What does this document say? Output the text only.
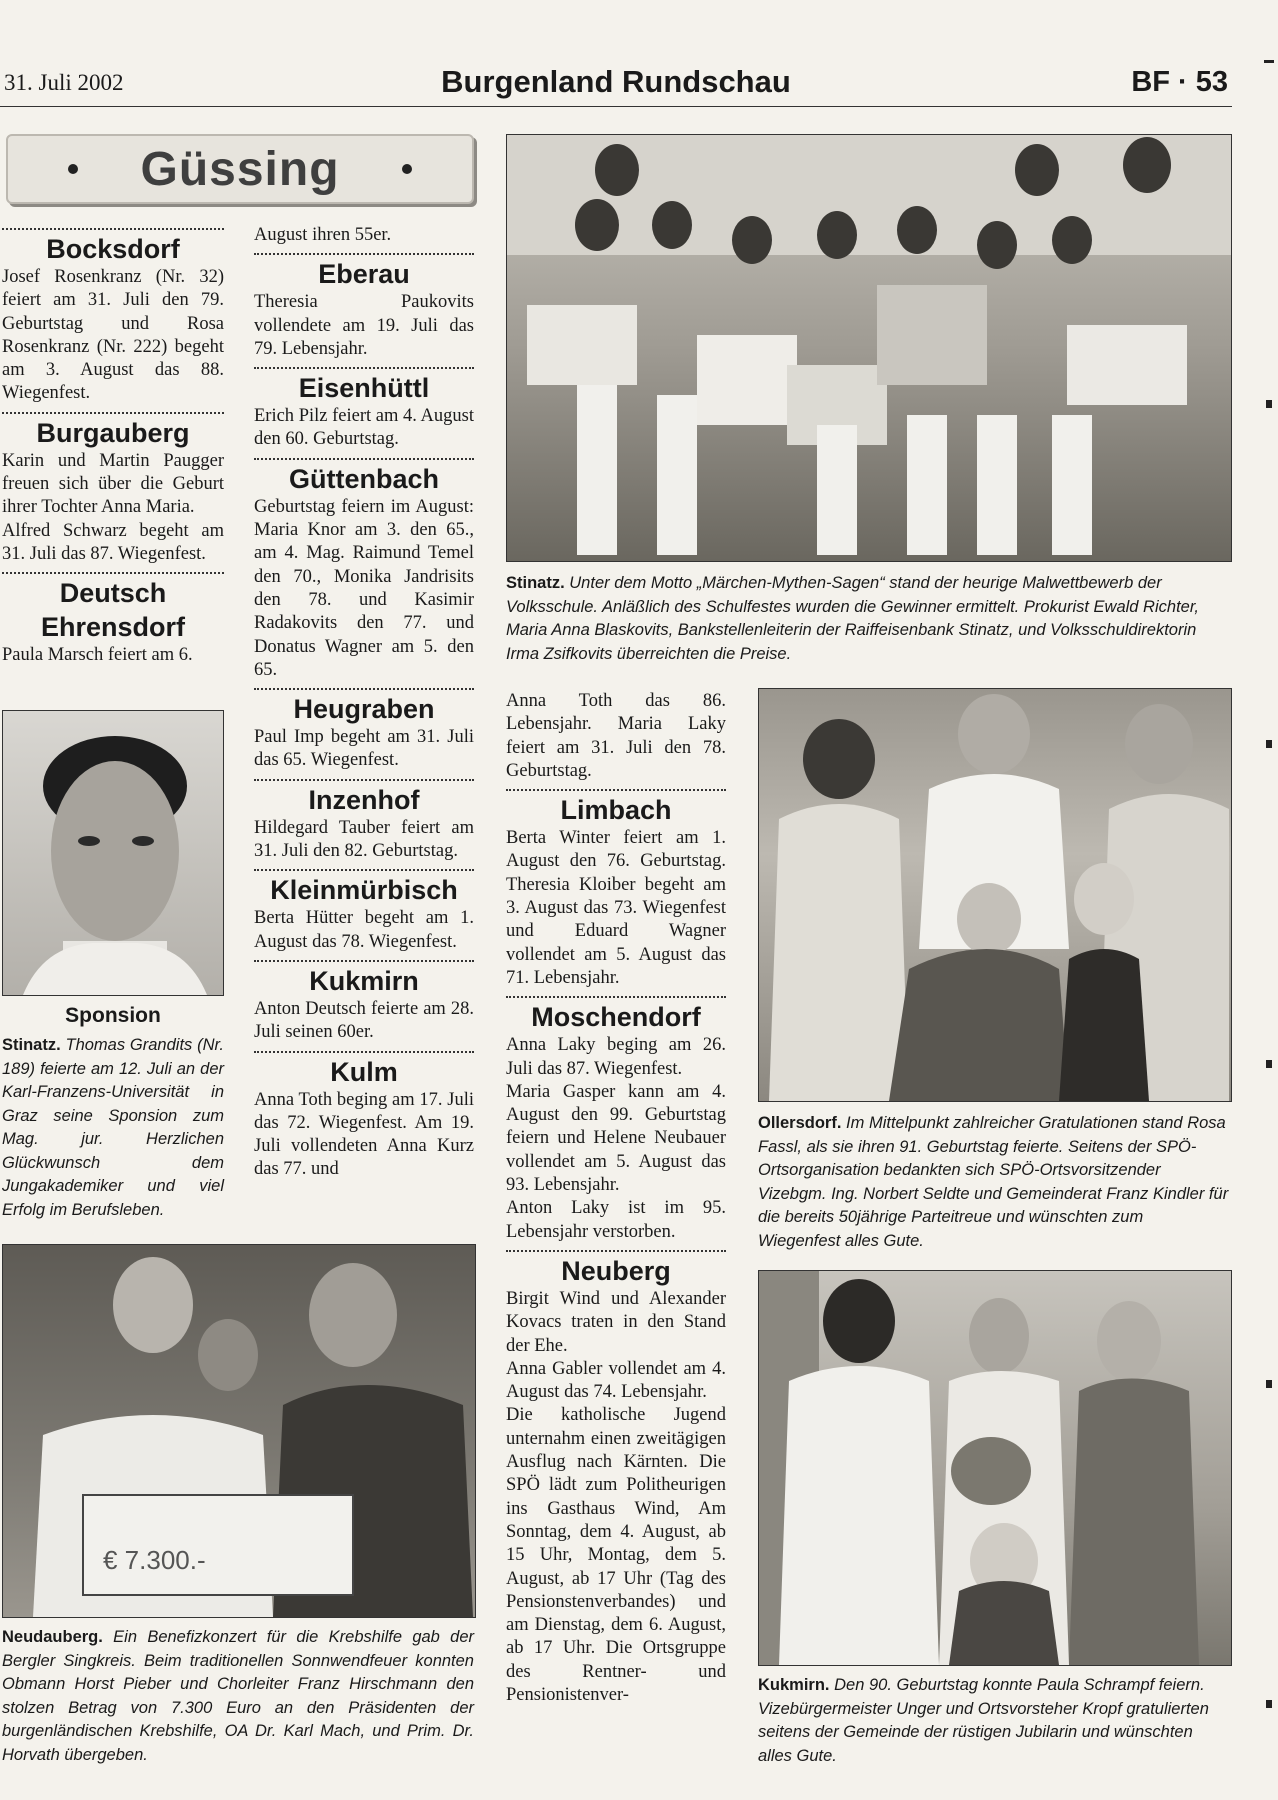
31. Juli 2002	Burgenland Rundschau	BF · 53
Güssing
Bocksdorf

Josef Rosenkranz (Nr. 32) feiert am 31. Juli den 79. Geburtstag und Rosa Rosenkranz (Nr. 222) begeht am 3. August das 88. Wiegenfest.

Burgauberg

Karin und Martin Paugger freuen sich über die Geburt ihrer Tochter Anna Maria.

Alfred Schwarz begeht am 31. Juli das 87. Wiegenfest.

Deutsch Ehrensdorf

Paula Marsch feiert am 6.

Sponsion
Stinatz. Thomas Grandits (Nr. 189) feierte am 12. Juli an der Karl-Franzens-Universität in Graz seine Sponsion zum Mag. jur. Herzlichen Glückwunsch dem Jungakademiker und viel Erfolg im Berufsleben.

August ihren 55er.

Eberau

Theresia Paukovits vollendete am 19. Juli das 79. Lebensjahr.

Eisenhüttl

Erich Pilz feiert am 4. August den 60. Geburtstag.

Güttenbach

Geburtstag feiern im August: Maria Knor am 3. den 65., am 4. Mag. Raimund Temel den 70., Monika Jandrisits den 78. und Kasimir Radakovits den 77. und Donatus Wagner am 5. den 65.

Heugraben

Paul Imp begeht am 31. Juli das 65. Wiegenfest.

Inzenhof

Hildegard Tauber feiert am 31. Juli den 82. Geburtstag.

Kleinmürbisch

Berta Hütter begeht am 1. August das 78. Wiegenfest.

Kukmirn

Anton Deutsch feierte am 28. Juli seinen 60er.

Kulm

Anna Toth beging am 17. Juli das 72. Wiegenfest. Am 19. Juli vollendeten Anna Kurz das 77. und

€ 7.300.-
Neudauberg. Ein Benefizkonzert für die Krebshilfe gab der Bergler Singkreis. Beim traditionellen Sonnwendfeuer konnten Obmann Horst Pieber und Chorleiter Franz Hirschmann den stolzen Betrag von 7.300 Euro an den Präsidenten der burgenländischen Krebshilfe, OA Dr. Karl Mach, und Prim. Dr. Horvath übergeben.
Stinatz. Unter dem Motto „Märchen-Mythen-Sagen“ stand der heurige Malwettbewerb der Volksschule. Anläßlich des Schulfestes wurden die Gewinner ermittelt. Prokurist Ewald Richter, Maria Anna Blaskovits, Bankstellenleiterin der Raiffeisenbank Stinatz, und Volksschuldirektorin Irma Zsifkovits überreichten die Preise.

Anna Toth das 86. Lebensjahr. Maria Laky feiert am 31. Juli den 78. Geburtstag.

Limbach

Berta Winter feiert am 1. August den 76. Geburtstag. Theresia Kloiber begeht am 3. August das 73. Wiegenfest und Eduard Wagner vollendet am 5. August das 71. Lebensjahr.

Moschendorf

Anna Laky beging am 26. Juli das 87. Wiegenfest.

Maria Gasper kann am 4. August den 99. Geburtstag feiern und Helene Neubauer vollendet am 5. August das 93. Lebensjahr.

Anton Laky ist im 95. Lebensjahr verstorben.

Neuberg

Birgit Wind und Alexander Kovacs traten in den Stand der Ehe.

Anna Gabler vollendet am 4. August das 74. Lebensjahr.

Die katholische Jugend unternahm einen zweitägigen Ausflug nach Kärnten. Die SPÖ lädt zum Politheurigen ins Gasthaus Wind, Am Sonntag, dem 4. August, ab 15 Uhr, Montag, dem 5. August, ab 17 Uhr (Tag des Pensionstenverbandes) und am Dienstag, dem 6. August, ab 17 Uhr. Die Ortsgruppe des Rentner- und Pensionistenver-

Ollersdorf. Im Mittelpunkt zahlreicher Gratulationen stand Rosa Fassl, als sie ihren 91. Geburtstag feierte. Seitens der SPÖ-Ortsorganisation bedankten sich SPÖ-Ortsvorsitzender Vizebgm. Ing. Norbert Seldte und Gemeinderat Franz Kindler für die bereits 50jährige Parteitreue und wünschten zum Wiegenfest alles Gute.
Kukmirn. Den 90. Geburtstag konnte Paula Schrampf feiern. Vizebürgermeister Unger und Ortsvorsteher Kropf gratulierten seitens der Gemeinde der rüstigen Jubilarin und wünschten alles Gute.
